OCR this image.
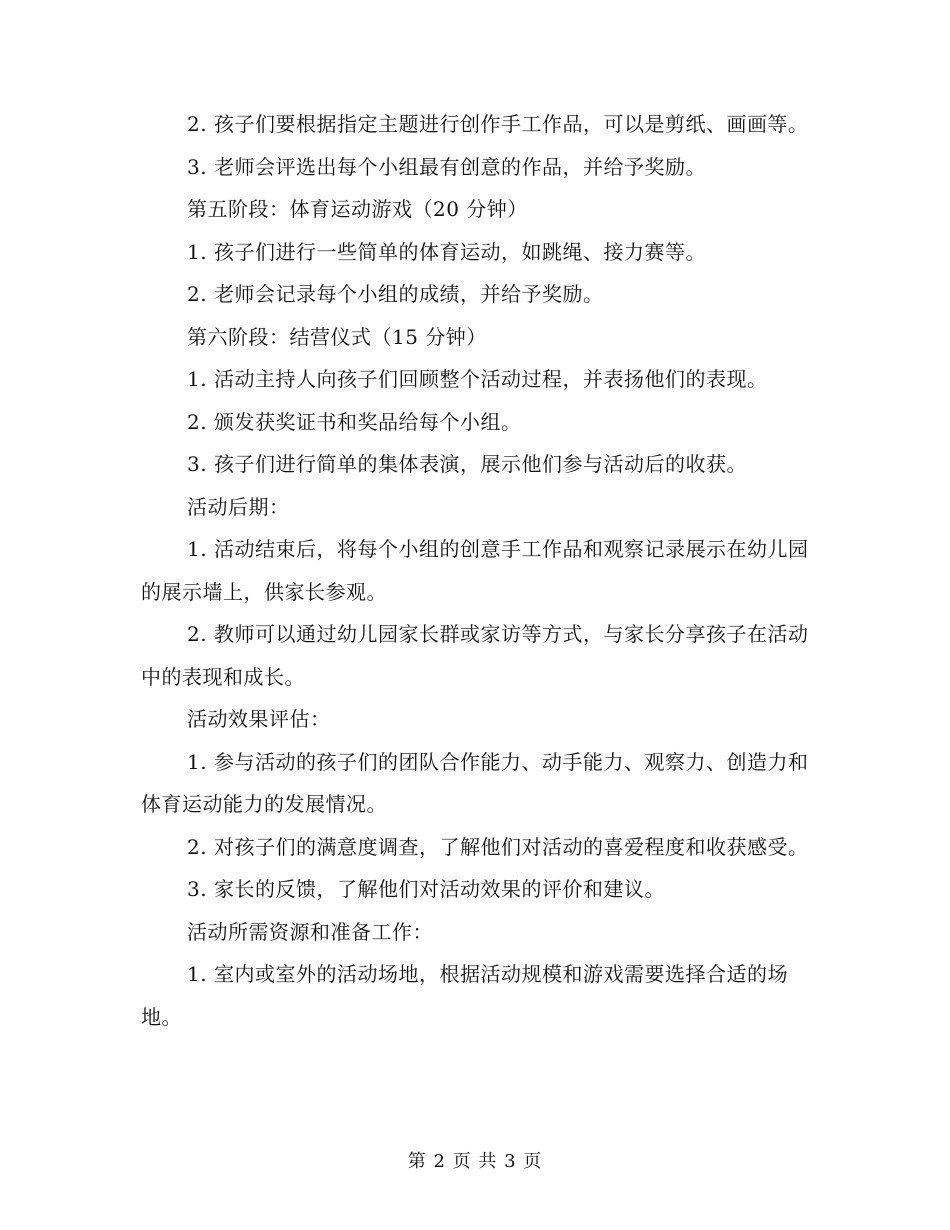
2. 孩子们要根据指定主题进行创作手工作品，可以是剪纸、画画等。

3. 老师会评选出每个小组最有创意的作品，并给予奖励。

第五阶段：体育运动游戏（20 分钟）

1. 孩子们进行一些简单的体育运动，如跳绳、接力赛等。

2. 老师会记录每个小组的成绩，并给予奖励。

第六阶段：结营仪式（15 分钟）

1. 活动主持人向孩子们回顾整个活动过程，并表扬他们的表现。

2. 颁发获奖证书和奖品给每个小组。

3. 孩子们进行简单的集体表演，展示他们参与活动后的收获。

活动后期：

1. 活动结束后，将每个小组的创意手工作品和观察记录展示在幼儿园的展示墙上，供家长参观。

2. 教师可以通过幼儿园家长群或家访等方式，与家长分享孩子在活动中的表现和成长。

活动效果评估：

1. 参与活动的孩子们的团队合作能力、动手能力、观察力、创造力和体育运动能力的发展情况。

2. 对孩子们的满意度调查，了解他们对活动的喜爱程度和收获感受。

3. 家长的反馈，了解他们对活动效果的评价和建议。

活动所需资源和准备工作：

1. 室内或室外的活动场地，根据活动规模和游戏需要选择合适的场地。

第 2 页 共 3 页
